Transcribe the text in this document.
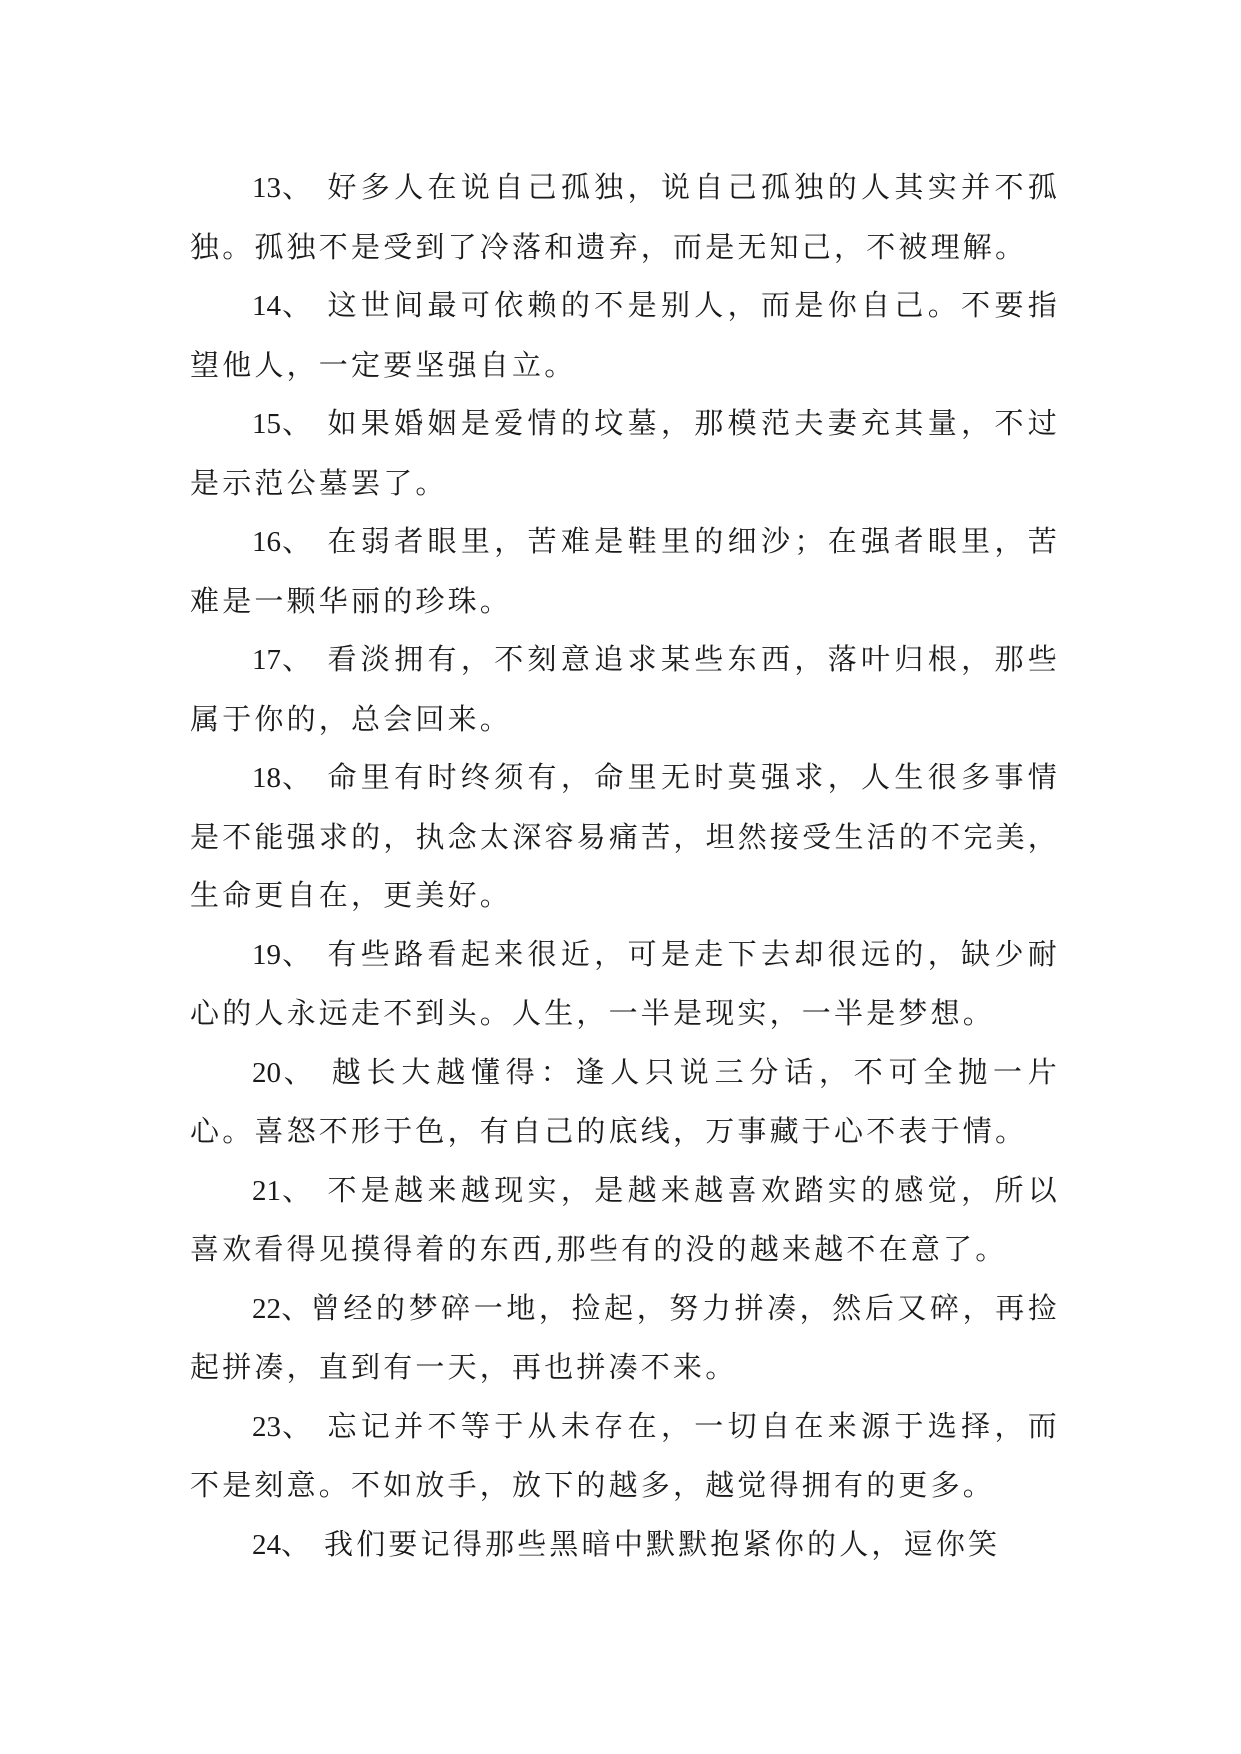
13、 好多人在说自己孤独，说自己孤独的人其实并不孤独。孤独不是受到了冷落和遗弃，而是无知己，不被理解。

14、 这世间最可依赖的不是别人，而是你自己。不要指望他人，一定要坚强自立。

15、 如果婚姻是爱情的坟墓，那模范夫妻充其量，不过是示范公墓罢了。

16、 在弱者眼里，苦难是鞋里的细沙；在强者眼里，苦难是一颗华丽的珍珠。

17、 看淡拥有，不刻意追求某些东西，落叶归根，那些属于你的，总会回来。

18、 命里有时终须有，命里无时莫强求，人生很多事情是不能强求的，执念太深容易痛苦，坦然接受生活的不完美，生命更自在，更美好。

19、 有些路看起来很近，可是走下去却很远的，缺少耐心的人永远走不到头。人生，一半是现实，一半是梦想。

20、 越长大越懂得：逢人只说三分话，不可全抛一片心。喜怒不形于色，有自己的底线，万事藏于心不表于情。

21、 不是越来越现实，是越来越喜欢踏实的感觉，所以喜欢看得见摸得着的东西,那些有的没的越来越不在意了。

22、曾经的梦碎一地，捡起，努力拼凑，然后又碎，再捡起拼凑，直到有一天，再也拼凑不来。

23、 忘记并不等于从未存在，一切自在来源于选择，而不是刻意。不如放手，放下的越多，越觉得拥有的更多。

24、 我们要记得那些黑暗中默默抱紧你的人，逗你笑
